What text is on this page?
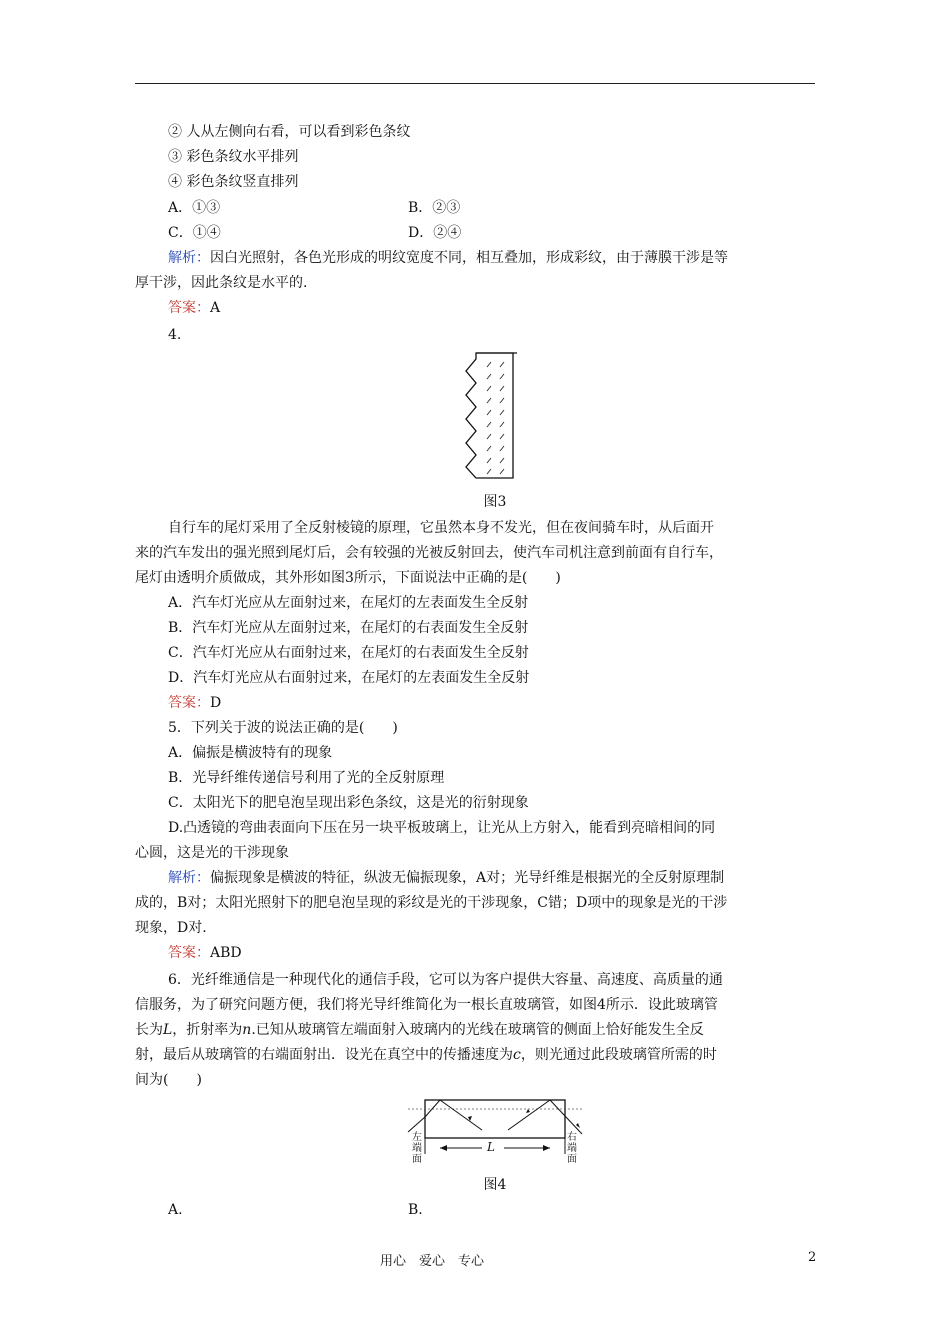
② 人从左侧向右看，可以看到彩色条纹
③ 彩色条纹水平排列
④ 彩色条纹竖直排列
A．①③	B．②③
C．①④	D．②④
解析：因白光照射，各色光形成的明纹宽度不同，相互叠加，形成彩纹，由于薄膜干涉是等
厚干涉，因此条纹是水平的.
答案：A
4.
图3
自行车的尾灯采用了全反射棱镜的原理，它虽然本身不发光，但在夜间骑车时，从后面开
来的汽车发出的强光照到尾灯后，会有较强的光被反射回去，使汽车司机注意到前面有自行车，
尾灯由透明介质做成，其外形如图3所示，下面说法中正确的是(　　)
A．汽车灯光应从左面射过来，在尾灯的左表面发生全反射
B．汽车灯光应从左面射过来，在尾灯的右表面发生全反射
C．汽车灯光应从右面射过来，在尾灯的右表面发生全反射
D．汽车灯光应从右面射过来，在尾灯的左表面发生全反射
答案：D
5．下列关于波的说法正确的是(　　)
A．偏振是横波特有的现象
B．光导纤维传递信号利用了光的全反射原理
C．太阳光下的肥皂泡呈现出彩色条纹，这是光的衍射现象
D.凸透镜的弯曲表面向下压在另一块平板玻璃上，让光从上方射入，能看到亮暗相间的同
心圆，这是光的干涉现象
解析：偏振现象是横波的特征，纵波无偏振现象，A对；光导纤维是根据光的全反射原理制
成的，B对；太阳光照射下的肥皂泡呈现的彩纹是光的干涉现象，C错；D项中的现象是光的干涉
现象，D对.
答案：ABD
6．光纤维通信是一种现代化的通信手段，它可以为客户提供大容量、高速度、高质量的通
信服务，为了研究问题方便，我们将光导纤维简化为一根长直玻璃管，如图4所示．设此玻璃管
长为L，折射率为n.已知从玻璃管左端面射入玻璃内的光线在玻璃管的侧面上恰好能发生全反
射，最后从玻璃管的右端面射出．设光在真空中的传播速度为c，则光通过此段玻璃管所需的时
间为(　　)
L
左端面
右端面
图4
A.	B.
用心　爱心　专心	2
